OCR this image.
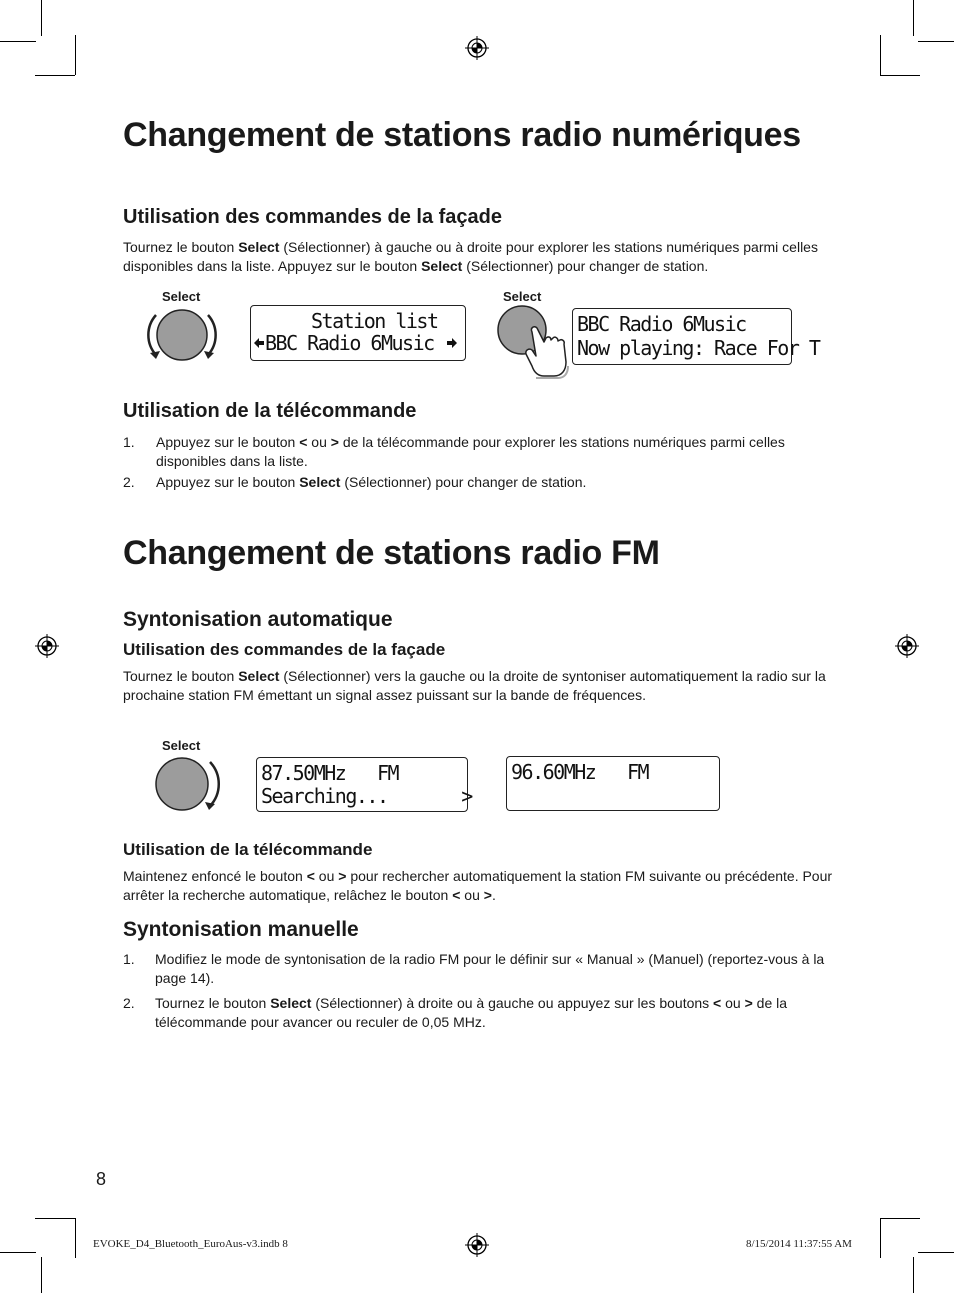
Changement de stations radio numériques
Utilisation des commandes de la façade

Tournez le bouton Select (Sélectionner) à gauche ou à droite pour explorer les stations numériques parmi celles disponibles dans la liste. Appuyez sur le bouton Select (Sélectionner) pour changer de station.

Select
Station list
BBC Radio 6Music
Select
BBC Radio 6Music
Now playing: Race For T
Utilisation de la télécommande
1. Appuyez sur le bouton < ou > de la télécommande pour explorer les stations numériques parmi celles disponibles dans la liste.
2. Appuyez sur le bouton Select (Sélectionner) pour changer de station.
Changement de stations radio FM
Syntonisation automatique
Utilisation des commandes de la façade

Tournez le bouton Select (Sélectionner) vers la gauche ou la droite de syntoniser automatiquement la radio sur la prochaine station FM émettant un signal assez puissant sur la bande de fréquences.

Select
87.50MHz   FM
Searching...       >
96.60MHz   FM
Utilisation de la télécommande

Maintenez enfoncé le bouton < ou > pour rechercher automatiquement la station FM suivante ou précédente. Pour arrêter la recherche automatique, relâchez le bouton < ou >.

Syntonisation manuelle
1. Modifiez le mode de syntonisation de la radio FM pour le définir sur « Manual » (Manuel) (reportez-vous à la page 14).
2. Tournez le bouton Select (Sélectionner) à droite ou à gauche ou appuyez sur les boutons < ou > de la télécommande pour avancer ou reculer de 0,05 MHz.
8
EVOKE_D4_Bluetooth_EuroAus-v3.indb 8	8/15/2014 11:37:55 AM
